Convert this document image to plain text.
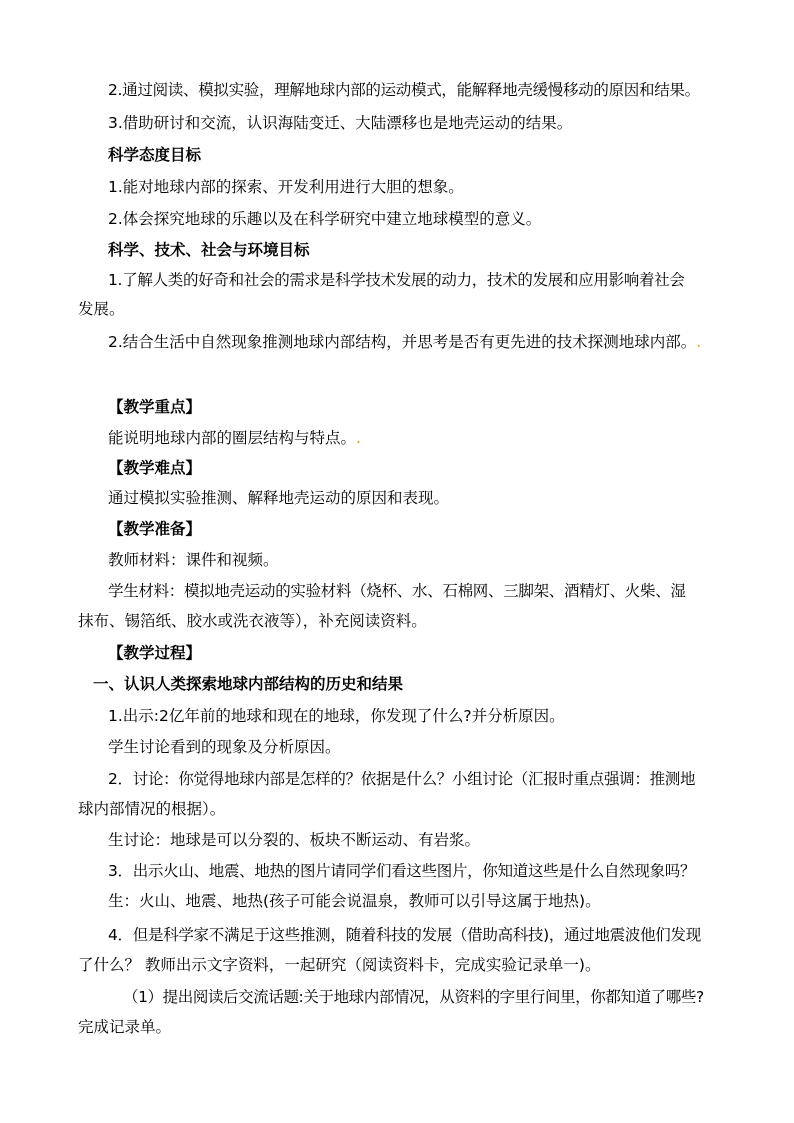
2.通过阅读、模拟实验，理解地球内部的运动模式，能解释地壳缓慢移动的原因和结果。
3.借助研讨和交流，认识海陆变迁、大陆漂移也是地壳运动的结果。
科学态度目标
1.能对地球内部的探索、开发利用进行大胆的想象。
2.体会探究地球的乐趣以及在科学研究中建立地球模型的意义。
科学、技术、社会与环境目标
1.了解人类的好奇和社会的需求是科学技术发展的动力，技术的发展和应用影响着社会
发展。
2.结合生活中自然现象推测地球内部结构，并思考是否有更先进的技术探测地球内部。.
【教学重点】
能说明地球内部的圈层结构与特点。.
【教学难点】
通过模拟实验推测、解释地壳运动的原因和表现。
【教学准备】
教师材料：课件和视频。
学生材料：模拟地壳运动的实验材料（烧杯、水、石棉网、三脚架、酒精灯、火柴、湿
抹布、锡箔纸、胶水或洗衣液等），补充阅读资料。
【教学过程】
一、认识人类探索地球内部结构的历史和结果
1.出示:2亿年前的地球和现在的地球，你发现了什么?并分析原因。
学生讨论看到的现象及分析原因。
2．讨论：你觉得地球内部是怎样的？依据是什么？小组讨论（汇报时重点强调：推测地
球内部情况的根据）。
生讨论：地球是可以分裂的、板块不断运动、有岩浆。
3．出示火山、地震、地热的图片请同学们看这些图片，你知道这些是什么自然现象吗？
生：火山、地震、地热(孩子可能会说温泉，教师可以引导这属于地热)。
4．但是科学家不满足于这些推测，随着科技的发展（借助高科技)，通过地震波他们发现
了什么？ 教师出示文字资料，一起研究（阅读资料卡，完成实验记录单一)。
（1）提出阅读后交流话题:关于地球内部情况，从资料的字里行间里，你都知道了哪些?
完成记录单。
